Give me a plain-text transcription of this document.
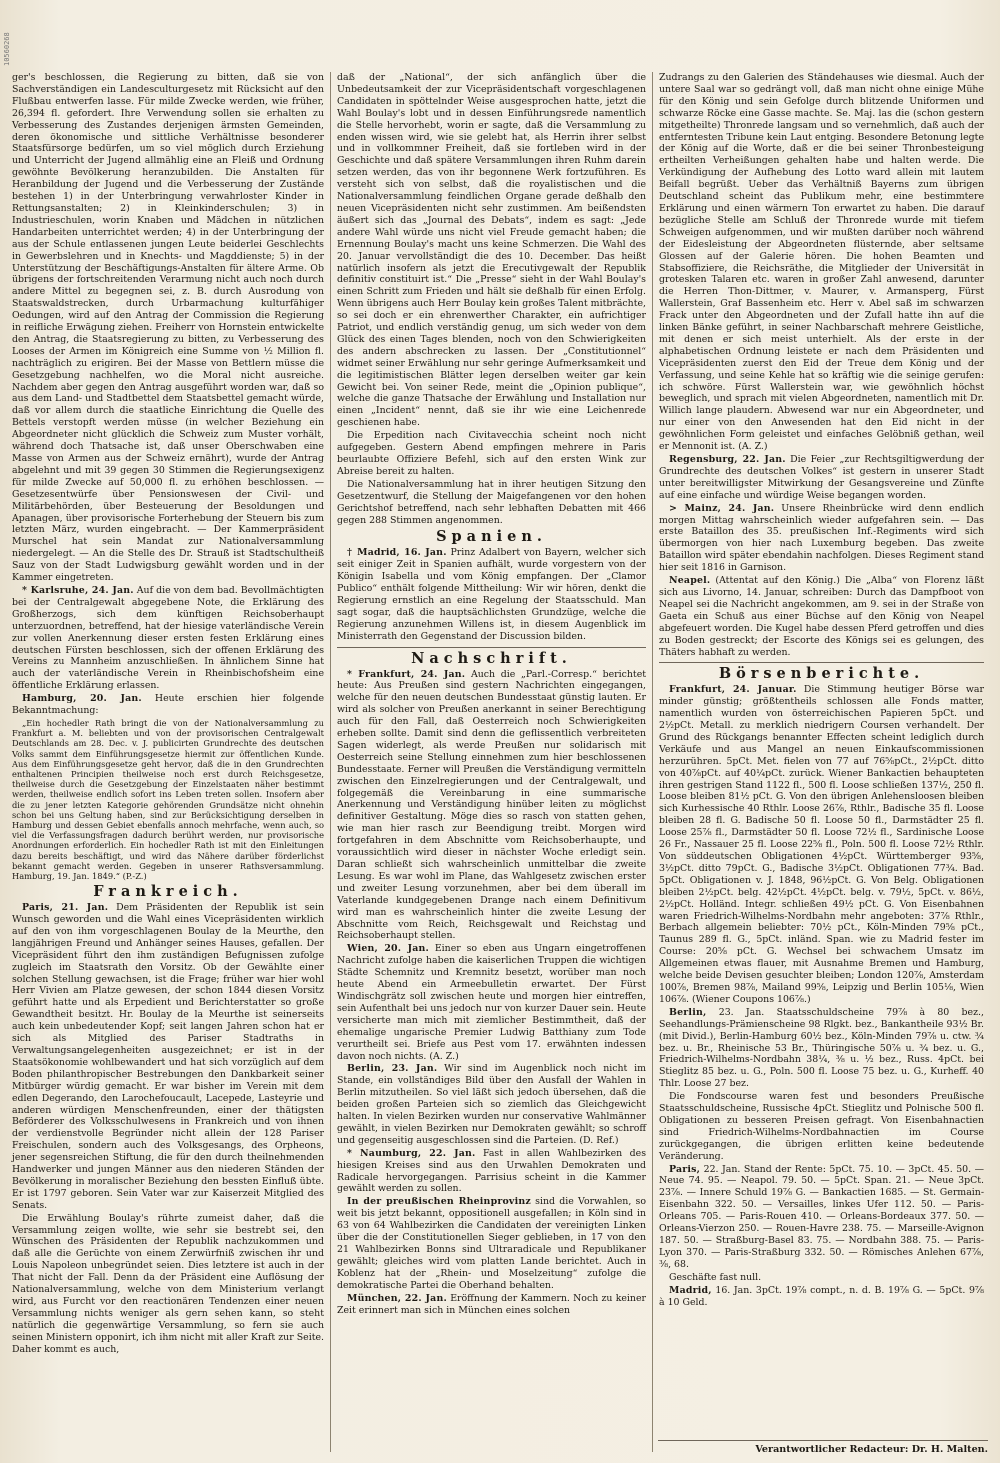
10560268

ger's beschlossen, die Regierung zu bitten, daß sie von Sachverständigen ein Landesculturgesetz mit Rücksicht auf den Flußbau entwerfen lasse. Für milde Zwecke werden, wie früher, 26,394 fl. gefordert. Ihre Verwendung sollen sie erhalten zu Verbesserung des Zustandes derjenigen ärmsten Gemeinden, deren ökonomische und sittliche Verhältnisse besonderer Staatsfürsorge bedürfen, um so viel möglich durch Erziehung und Unterricht der Jugend allmählig eine an Fleiß und Ordnung gewöhnte Bevölkerung heranzubilden. Die Anstalten für Heranbildung der Jugend und die Verbesserung der Zustände bestehen 1) in der Unterbringung verwahrloster Kinder in Rettungsanstalten; 2) in Kleinkinderschulen; 3) in Industrieschulen, worin Knaben und Mädchen in nützlichen Handarbeiten unterrichtet werden; 4) in der Unterbringung der aus der Schule entlassenen jungen Leute beiderlei Geschlechts in Gewerbslehren und in Knechts- und Magddienste; 5) in der Unterstützung der Beschäftigungs-Anstalten für ältere Arme. Ob übrigens der fortschreitenden Verarmung nicht auch noch durch andere Mittel zu begegnen sei, z. B. durch Ausrodung von Staatswaldstrecken, durch Urbarmachung kulturfähiger Oedungen, wird auf den Antrag der Commission die Regierung in reifliche Erwägung ziehen. Freiherr von Hornstein entwickelte den Antrag, die Staatsregierung zu bitten, zu Verbesserung des Looses der Armen im Königreich eine Summe von ½ Million fl. nachträglich zu erigiren. Bei der Masse von Bettlern müsse die Gesetzgebung nachhelfen, wo die Moral nicht ausreiche. Nachdem aber gegen den Antrag ausgeführt worden war, daß so aus dem Land- und Stadtbettel dem Staatsbettel gemacht würde, daß vor allem durch die staatliche Einrichtung die Quelle des Bettels verstopft werden müsse (in welcher Beziehung ein Abgeordneter nicht glücklich die Schweiz zum Muster vorhält, während doch Thatsache ist, daß unser Oberschwaben eine Masse von Armen aus der Schweiz ernährt), wurde der Antrag abgelehnt und mit 39 gegen 30 Stimmen die Regierungsexigenz für milde Zwecke auf 50,000 fl. zu erhöhen beschlossen. — Gesetzesentwürfe über Pensionswesen der Civil- und Militärbehörden, über Besteuerung der Besoldungen und Apanagen, über provisorische Forterhebung der Steuern bis zum letzten März, wurden eingebracht. — Der Kammerpräsident Murschel hat sein Mandat zur Nationalversammlung niedergelegt. — An die Stelle des Dr. Strauß ist Stadtschultheiß Sauz von der Stadt Ludwigsburg gewählt worden und in der Kammer eingetreten.

* Karlsruhe, 24. Jan. Auf die von dem bad. Bevollmächtigten bei der Centralgewalt abgegebene Note, die Erklärung des Großherzogs, sich dem künftigen Reichsoberhaupt unterzuordnen, betreffend, hat der hiesige vaterländische Verein zur vollen Anerkennung dieser ersten festen Erklärung eines deutschen Fürsten beschlossen, sich der offenen Erklärung des Vereins zu Mannheim anzuschließen. In ähnlichem Sinne hat auch der vaterländische Verein in Rheinbischofsheim eine öffentliche Erklärung erlassen.

Hamburg, 20. Jan. Heute erschien hier folgende Bekanntmachung:

„Ein hochedler Rath bringt die von der Nationalversammlung zu Frankfurt a. M. beliebten und von der provisorischen Centralgewalt Deutschlands am 28. Dec. v. J. publicirten Grundrechte des deutschen Volks sammt dem Einführungsgesetze hiermit zur öffentlichen Kunde. Aus dem Einführungsgesetze geht hervor, daß die in den Grundrechten enthaltenen Principien theilweise noch erst durch Reichsgesetze, theilweise durch die Gesetzgebung der Einzelstaaten näher bestimmt werden, theilweise endlich sofort ins Leben treten sollen. Insofern aber die zu jener letzten Kategorie gehörenden Grundsätze nicht ohnehin schon bei uns Geltung haben, sind zur Berücksichtigung derselben in Hamburg und dessen Gebiet ebenfalls annoch mehrfache, wenn auch, so viel die Verfassungsfragen dadurch berührt werden, nur provisorische Anordnungen erforderlich. Ein hochedler Rath ist mit den Einleitungen dazu bereits beschäftigt, und wird das Nähere darüber förderlichst bekannt gemacht werden. Gegeben in unserer Rathsversammlung. Hamburg, 19. Jan. 1849.“ (P.-Z.)

Frankreich.

Paris, 21. Jan. Dem Präsidenten der Republik ist sein Wunsch geworden und die Wahl eines Vicepräsidenten wirklich auf den von ihm vorgeschlagenen Boulay de la Meurthe, den langjährigen Freund und Anhänger seines Hauses, gefallen. Der Vicepräsident führt den ihm zuständigen Befugnissen zufolge zugleich im Staatsrath den Vorsitz. Ob der Gewählte einer solchen Stellung gewachsen, ist die Frage; früher war hier wohl Herr Vivien am Platze gewesen, der schon 1844 diesen Vorsitz geführt hatte und als Erpedient und Berichterstatter so große Gewandtheit besitzt. Hr. Boulay de la Meurthe ist seinerseits auch kein unbedeutender Kopf; seit langen Jahren schon hat er sich als Mitglied des Pariser Stadtraths in Verwaltungsangelegenheiten ausgezeichnet; er ist in der Staatsökonomie wohlbewandert und hat sich vorzüglich auf dem Boden philanthropischer Bestrebungen den Dankbarkeit seiner Mitbürger würdig gemacht. Er war bisher im Verein mit dem edlen Degerando, den Larochefoucault, Lacepede, Lasteyrie und anderen würdigen Menschenfreunden, einer der thätigsten Beförderer des Volksschulwesens in Frankreich und von ihnen der verdienstvolle Begründer nicht allein der 128 Pariser Freischulen, sondern auch des Volksgesangs, des Orpheons, jener segensreichen Stiftung, die für den durch theilnehmenden Handwerker und jungen Männer aus den niederen Ständen der Bevölkerung in moralischer Beziehung den bessten Einfluß übte. Er ist 1797 geboren. Sein Vater war zur Kaiserzeit Mitglied des Senats.

Die Erwählung Boulay's rührte zumeist daher, daß die Versammlung zeigen wollte, wie sehr sie bestrebt sei, den Wünschen des Präsidenten der Republik nachzukommen und daß alle die Gerüchte von einem Zerwürfniß zwischen ihr und Louis Napoleon unbegründet seien. Dies letztere ist auch in der That nicht der Fall. Denn da der Präsident eine Auflösung der Nationalversammlung, welche von dem Ministerium verlangt wird, aus Furcht vor den reactionären Tendenzen einer neuen Versammlung nichts weniger als gern sehen kann, so steht natürlich die gegenwärtige Versammlung, so fern sie auch seinen Ministern opponirt, ich ihm nicht mit aller Kraft zur Seite. Daher kommt es auch,

daß der „National“, der sich anfänglich über die Unbedeutsamkeit der zur Vicepräsidentschaft vorgeschlagenen Candidaten in spöttelnder Weise ausgesprochen hatte, jetzt die Wahl Boulay's lobt und in dessen Einführungsrede namentlich die Stelle hervorhebt, worin er sagte, daß die Versammlung zu enden wissen wird, wie sie gelebt hat, als Herrin ihrer selbst und in vollkommner Freiheit, daß sie fortleben wird in der Geschichte und daß spätere Versammlungen ihren Ruhm darein setzen werden, das von ihr begonnene Werk fortzuführen. Es versteht sich von selbst, daß die royalistischen und die Nationalversammlung feindlichen Organe gerade deßhalb den neuen Vicepräsidenten nicht sehr zustimmen. Am beißendsten äußert sich das „Journal des Debats“, indem es sagt: „Jede andere Wahl würde uns nicht viel Freude gemacht haben; die Ernennung Boulay's macht uns keine Schmerzen. Die Wahl des 20. Januar vervollständigt die des 10. December. Das heißt natürlich insofern als jetzt die Erecutivgewalt der Republik definitiv constituirt ist.“ Die „Presse“ sieht in der Wahl Boulay's einen Schritt zum Frieden und hält sie deßhalb für einen Erfolg. Wenn übrigens auch Herr Boulay kein großes Talent mitbrächte, so sei doch er ein ehrenwerther Charakter, ein aufrichtiger Patriot, und endlich verständig genug, um sich weder von dem Glück des einen Tages blenden, noch von den Schwierigkeiten des andern abschrecken zu lassen. Der „Constitutionnel“ widmet seiner Erwählung nur sehr geringe Aufmerksamkeit und die legitimistischen Blätter legen derselben weiter gar kein Gewicht bei. Von seiner Rede, meint die „Opinion publique“, welche die ganze Thatsache der Erwählung und Installation nur einen „Incident“ nennt, daß sie ihr wie eine Leichenrede geschienen habe.

Die Erpedition nach Civitavecchia scheint noch nicht aufgegeben. Gestern Abend empfingen mehrere in Paris beurlaubte Offiziere Befehl, sich auf den ersten Wink zur Abreise bereit zu halten.

Die Nationalversammlung hat in ihrer heutigen Sitzung den Gesetzentwurf, die Stellung der Maigefangenen vor den hohen Gerichtshof betreffend, nach sehr lebhaften Debatten mit 466 gegen 288 Stimmen angenommen.

Spanien.

† Madrid, 16. Jan. Prinz Adalbert von Bayern, welcher sich seit einiger Zeit in Spanien aufhält, wurde vorgestern von der Königin Isabella und vom König empfangen. Der „Clamor Publico“ enthält folgende Mittheilung: Wir wir hören, denkt die Regierung ernstlich an eine Regelung der Staatsschuld. Man sagt sogar, daß die hauptsächlichsten Grundzüge, welche die Regierung anzunehmen Willens ist, in diesem Augenblick im Ministerrath den Gegenstand der Discussion bilden.

Nachschrift.

* Frankfurt, 24. Jan. Auch die „Parl.-Corresp.“ berichtet heute: Aus Preußen sind gestern Nachrichten eingegangen, welche für den neuen deutschen Bundesstaat günstig lauten. Er wird als solcher von Preußen anerkannt in seiner Berechtigung auch für den Fall, daß Oesterreich noch Schwierigkeiten erheben sollte. Damit sind denn die geflissentlich verbreiteten Sagen widerlegt, als werde Preußen nur solidarisch mit Oesterreich seine Stellung einnehmen zum hier beschlossenen Bundesstaate. Ferner will Preußen die Verständigung vermitteln zwischen den Einzelregierungen und der Centralgewalt, und folgegemäß die Vereinbarung in eine summarische Anerkennung und Verständigung hinüber leiten zu möglichst definitiver Gestaltung. Möge dies so rasch von statten gehen, wie man hier rasch zur Beendigung treibt. Morgen wird fortgefahren in dem Abschnitte vom Reichsoberhaupte, und voraussichtlich wird dieser in nächster Woche erledigt sein. Daran schließt sich wahrscheinlich unmittelbar die zweite Lesung. Es war wohl im Plane, das Wahlgesetz zwischen erster und zweiter Lesung vorzunehmen, aber bei dem überall im Vaterlande kundgegebenen Drange nach einem Definitivum wird man es wahrscheinlich hinter die zweite Lesung der Abschnitte vom Reich, Reichsgewalt und Reichstag und Reichsoberhaupt stellen.

Wien, 20. Jan. Einer so eben aus Ungarn eingetroffenen Nachricht zufolge haben die kaiserlichen Truppen die wichtigen Städte Schemnitz und Kremnitz besetzt, worüber man noch heute Abend ein Armeebulletin erwartet. Der Fürst Windischgrätz soll zwischen heute und morgen hier eintreffen, sein Aufenthalt bei uns jedoch nur von kurzer Dauer sein. Heute versicherte man mich mit ziemlicher Bestimmtheit, daß der ehemalige ungarische Premier Ludwig Batthiany zum Tode verurtheilt sei. Briefe aus Pest vom 17. erwähnten indessen davon noch nichts. (A. Z.)

Berlin, 23. Jan. Wir sind im Augenblick noch nicht im Stande, ein vollständiges Bild über den Ausfall der Wahlen in Berlin mitzutheilen. So viel läßt sich jedoch übersehen, daß die beiden großen Parteien sich so ziemlich das Gleichgewicht halten. In vielen Bezirken wurden nur conservative Wahlmänner gewählt, in vielen Bezirken nur Demokraten gewählt; so schroff und gegenseitig ausgeschlossen sind die Parteien. (D. Ref.)

* Naumburg, 22. Jan. Fast in allen Wahlbezirken des hiesigen Kreises sind aus den Urwahlen Demokraten und Radicale hervorgegangen. Parrisius scheint in die Kammer gewählt werden zu sollen.

In der preußischen Rheinprovinz sind die Vorwahlen, so weit bis jetzt bekannt, oppositionell ausgefallen; in Köln sind in 63 von 64 Wahlbezirken die Candidaten der vereinigten Linken über die der Constitutionellen Sieger geblieben, in 17 von den 21 Wahlbezirken Bonns sind Ultraradicale und Republikaner gewählt; gleiches wird vom platten Lande berichtet. Auch in Koblenz hat der „Rhein- und Moselzeitung“ zufolge die demokratische Partei die Oberhand behalten.

München, 22. Jan. Eröffnung der Kammern. Noch zu keiner Zeit erinnert man sich in München eines solchen

Zudrangs zu den Galerien des Ständehauses wie diesmal. Auch der untere Saal war so gedrängt voll, daß man nicht ohne einige Mühe für den König und sein Gefolge durch blitzende Uniformen und schwarze Röcke eine Gasse machte. Se. Maj. las die (schon gestern mitgetheilte) Thronrede langsam und so vernehmlich, daß auch der entferntesten Tribune kein Laut entging. Besondere Betonung legte der König auf die Worte, daß er die bei seiner Thronbesteigung ertheilten Verheißungen gehalten habe und halten werde. Die Verkündigung der Aufhebung des Lotto ward allein mit lautem Beifall begrüßt. Ueber das Verhältniß Bayerns zum übrigen Deutschland scheint das Publikum mehr, eine bestimmtere Erklärung und einen wärmern Ton erwartet zu haben. Die darauf bezügliche Stelle am Schluß der Thronrede wurde mit tiefem Schweigen aufgenommen, und wir mußten darüber noch während der Eidesleistung der Abgeordneten flüsternde, aber seltsame Glossen auf der Galerie hören. Die hohen Beamten und Stabsoffiziere, die Reichsräthe, die Mitglieder der Universität in grotesken Talaren etc. waren in großer Zahl anwesend, darunter die Herren Thon-Dittmer, v. Maurer, v. Armansperg, Fürst Wallerstein, Graf Bassenheim etc. Herr v. Abel saß im schwarzen Frack unter den Abgeordneten und der Zufall hatte ihn auf die linken Bänke geführt, in seiner Nachbarschaft mehrere Geistliche, mit denen er sich meist unterhielt. Als der erste in der alphabetischen Ordnung leistete er nach dem Präsidenten und Vicepräsidenten zuerst den Eid der Treue dem König und der Verfassung, und seine Kehle hat so kräftig wie die seinige gerufen: ich schwöre. Fürst Wallerstein war, wie gewöhnlich höchst beweglich, und sprach mit vielen Abgeordneten, namentlich mit Dr. Willich lange plaudern. Abwesend war nur ein Abgeordneter, und nur einer von den Anwesenden hat den Eid nicht in der gewöhnlichen Form geleistet und einfaches Gelöbniß gethan, weil er Mennonit ist. (A. Z.)

Regensburg, 22. Jan. Die Feier „zur Rechtsgiltigwerdung der Grundrechte des deutschen Volkes“ ist gestern in unserer Stadt unter bereitwilligster Mitwirkung der Gesangsvereine und Zünfte auf eine einfache und würdige Weise begangen worden.

> Mainz, 24. Jan. Unsere Rheinbrücke wird denn endlich morgen Mittag wahrscheinlich wieder aufgefahren sein. — Das erste Bataillon des 35. preußischen Inf.-Regiments wird sich übermorgen von hier nach Luxemburg begeben. Das zweite Bataillon wird später ebendahin nachfolgen. Dieses Regiment stand hier seit 1816 in Garnison.

Neapel. (Attentat auf den König.) Die „Alba“ von Florenz läßt sich aus Livorno, 14. Januar, schreiben: Durch das Dampfboot von Neapel sei die Nachricht angekommen, am 9. sei in der Straße von Gaeta ein Schuß aus einer Büchse auf den König von Neapel abgefeuert worden. Die Kugel habe dessen Pferd getroffen und dies zu Boden gestreckt; der Escorte des Königs sei es gelungen, des Thäters habhaft zu werden.

Börsenberichte.

Frankfurt, 24. Januar. Die Stimmung heutiger Börse war minder günstig; größtentheils schlossen alle Fonds matter, namentlich wurden von österreichischen Papieren 5pCt. und 2½pCt. Metall. zu merklich niedrigern Coursen verhandelt. Der Grund des Rückgangs benannter Effecten scheint lediglich durch Verkäufe und aus Mangel an neuen Einkaufscommissionen herzurühren. 5pCt. Met. fielen von 77 auf 76⅝pCt., 2½pCt. ditto von 40⅞pCt. auf 40¼pCt. zurück. Wiener Bankactien behaupteten ihren gestrigen Stand 1122 fl., 500 fl. Loose schließen 137½, 250 fl. Loose bleiben 81½ pCt. G. Von den übrigen Anlehensloosen bleiben sich Kurhessische 40 Rthlr. Loose 26⅞, Rthlr., Badische 35 fl. Loose bleiben 28 fl. G. Badische 50 fl. Loose 50 fl., Darmstädter 25 fl. Loose 25⅞ fl., Darmstädter 50 fl. Loose 72½ fl., Sardinische Loose 26 Fr., Nassauer 25 fl. Loose 22⅝ fl., Poln. 500 fl. Loose 72½ Rthlr. Von süddeutschen Obligationen 4½pCt. Württemberger 93⅝, 3½pCt. ditto 79pCt. G., Badische 3½pCt. Obligationen 77¾. Bad. 5pCt. Obligationen v. J. 1848, 96½pCt. G. Von Belg. Obligationen bleiben 2½pCt. belg. 42½pCt. 4½pCt. belg. v. 79½, 5pCt. v. 86½, 2½pCt. Holländ. Integr. schließen 49½ pCt. G. Von Eisenbahnen waren Friedrich-Wilhelms-Nordbahn mehr angeboten: 37⅞ Rthlr., Berbach allgemein beliebter: 70½ pCt., Köln-Minden 79⅝ pCt., Taunus 289 fl. G., 5pCt. inländ. Span. wie zu Madrid fester im Course: 20⅝ pCt. G. Wechsel bei schwachem Umsatz im Allgemeinen etwas flauer, mit Ausnahme Bremen und Hamburg, welche beide Devisen gesuchter bleiben; London 120⅞, Amsterdam 100⅞, Bremen 98⅞, Mailand 99⅝, Leipzig und Berlin 105⅛, Wien 106⅞. (Wiener Coupons 106⅞.)

Berlin, 23. Jan. Staatsschuldscheine 79⅞ à 80 bez., Seehandlungs-Prämienscheine 98 Rlgkt. bez., Bankantheile 93½ Br. (mit Divid.), Berlin-Hamburg 60½ bez., Köln-Minden 79⅞ u. ctw. ¾ bez. u. Br., Rheinische 53 Br., Thüringische 50⅞ u. ¾ bez. u. G., Friedrich-Wilhelms-Nordbahn 38¼, ⅜ u. ½ bez., Russ. 4pCt. bei Stieglitz 85 bez. u. G., Poln. 500 fl. Loose 75 bez. u. G., Kurheff. 40 Thlr. Loose 27 bez.

Die Fondscourse waren fest und besonders Preußische Staatsschuldscheine, Russische 4pCt. Stieglitz und Polnische 500 fl. Obligationen zu besseren Preisen gefragt. Von Eisenbahnactien sind Friedrich-Wilhelms-Nordbahnactien im Course zurückgegangen, die übrigen erlitten keine bedeutende Veränderung.

Paris, 22. Jan. Stand der Rente: 5pCt. 75. 10. — 3pCt. 45. 50. — Neue 74. 95. — Neapol. 79. 50. — 5pCt. Span. 21. — Neue 3pCt. 23⅞. — Innere Schuld 19⅞ G. — Bankactien 1685. — St. Germain-Eisenbahn 322. 50. — Versailles, linkes Ufer 112. 50. — Paris-Orleans 705. — Paris-Rouen 410. — Orleans-Bordeaux 377. 50. — Orleans-Vierzon 250. — Rouen-Havre 238. 75. — Marseille-Avignon 187. 50. — Straßburg-Basel 83. 75. — Nordbahn 388. 75. — Paris-Lyon 370. — Paris-Straßburg 332. 50. — Römisches Anlehen 67⅞, ⅜, 68.

Geschäfte fast null.

Madrid, 16. Jan. 3pCt. 19⅞ compt., n. d. B. 19⅞ G. — 5pCt. 9⅞ à 10 Geld.

Verantwortlicher Redacteur: Dr. H. Malten.
